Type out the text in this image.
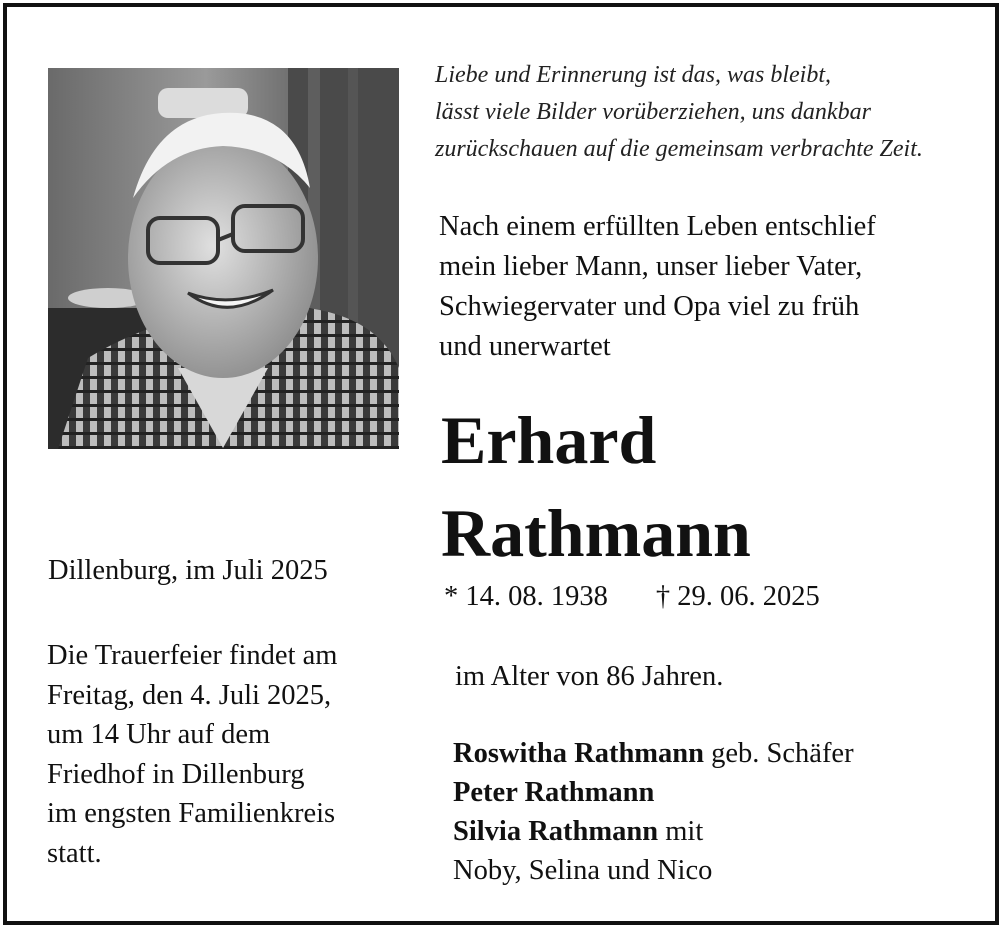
Liebe und Erinnerung ist das, was bleibt,
lässt viele Bilder vorüberziehen, uns dankbar
zurückschauen auf die gemeinsam verbrachte Zeit.
Nach einem erfüllten Leben entschlief
mein lieber Mann, unser lieber Vater,
Schwiegervater und Opa viel zu früh
und unerwartet
Erhard
Rathmann
* 14. 08. 1938 † 29. 06. 2025
im Alter von 86 Jahren.
Roswitha Rathmann geb. Schäfer
Peter Rathmann
Silvia Rathmann mit
Noby, Selina und Nico
Dillenburg, im Juli 2025
Die Trauerfeier findet am
Freitag, den 4. Juli 2025,
um 14 Uhr auf dem
Friedhof in Dillenburg
im engsten Familienkreis
statt.
